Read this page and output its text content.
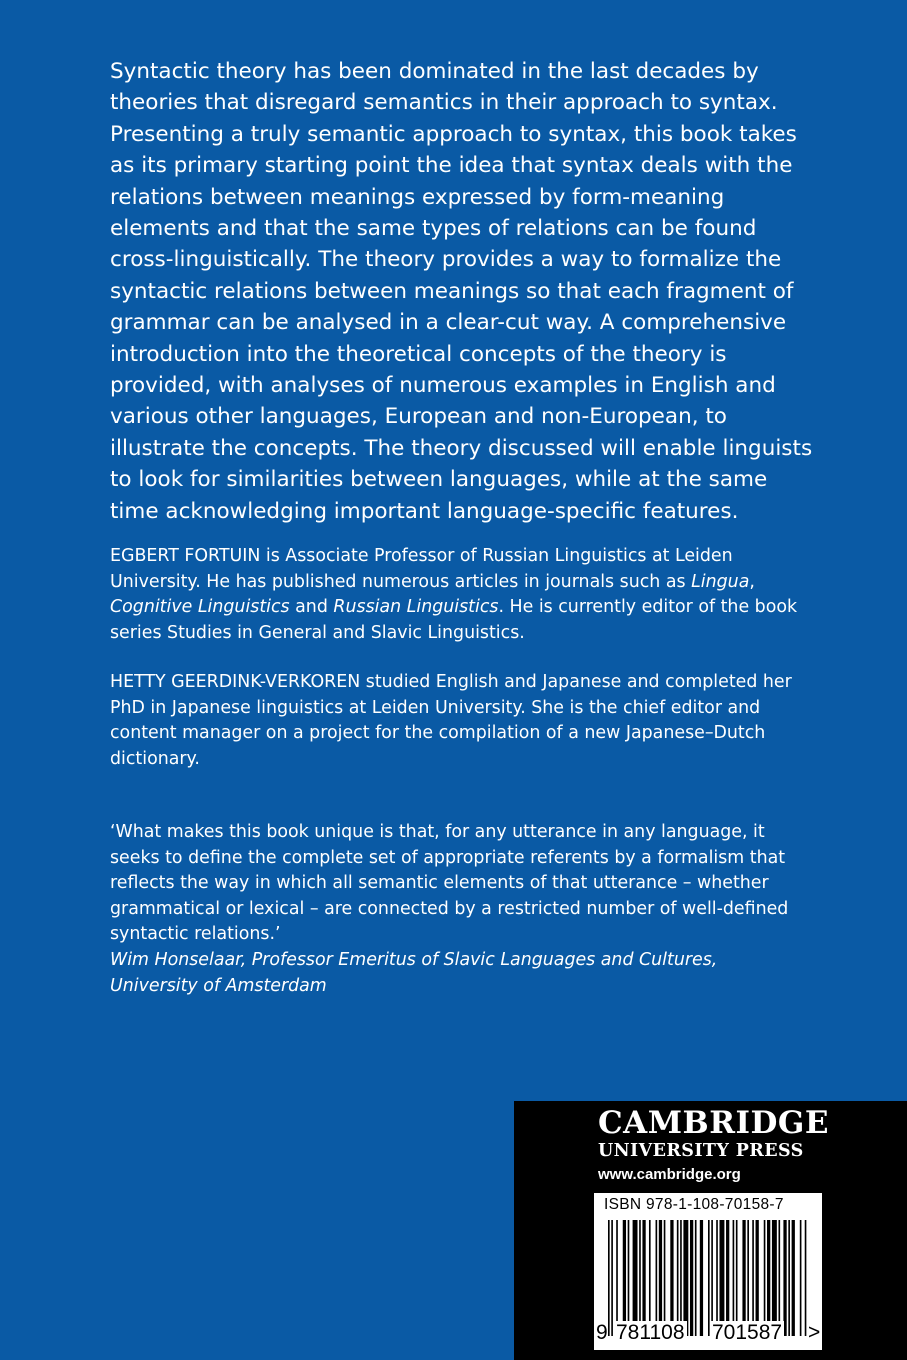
Syntactic theory has been dominated in the last decades by theories that disregard semantics in their approach to syntax. Presenting a truly semantic approach to syntax, this book takes as its primary starting point the idea that syntax deals with the relations between meanings expressed by form-meaning elements and that the same types of relations can be found cross-linguistically. The theory provides a way to formalize the syntactic relations between meanings so that each fragment of grammar can be analysed in a clear-cut way. A comprehensive introduction into the theoretical concepts of the theory is provided, with analyses of numerous examples in English and various other languages, European and non-European, to illustrate the concepts. The theory discussed will enable linguists to look for similarities between languages, while at the same time acknowledging important language-specific features.

EGBERT FORTUIN is Associate Professor of Russian Linguistics at Leiden University. He has published numerous articles in journals such as Lingua, Cognitive Linguistics and Russian Linguistics. He is currently editor of the book series Studies in General and Slavic Linguistics.

HETTY GEERDINK-VERKOREN studied English and Japanese and completed her PhD in Japanese linguistics at Leiden University. She is the chief editor and content manager on a project for the compilation of a new Japanese–Dutch dictionary.

‘What makes this book unique is that, for any utterance in any language, it seeks to define the complete set of appropriate referents by a formalism that reflects the way in which all semantic elements of that utterance – whether grammatical or lexical – are connected by a restricted number of well-defined syntactic relations.’
Wim Honselaar, Professor Emeritus of Slavic Languages and Cultures, University of Amsterdam

CAMBRIDGE
UNIVERSITY PRESS
www.cambridge.org
ISBN 978-1-108-70158-7
9 781108 701587 >
